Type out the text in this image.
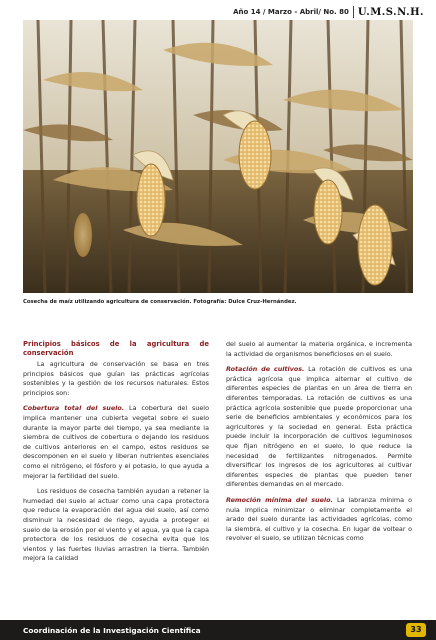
Año 14 / Marzo - Abril/ No. 80 U.M.S.N.H.
Cosecha de maíz utilizando agricultura de conservación. Fotografía: Dulce Cruz-Hernández.
Principios básicos de la agricultura de conservación

La agricultura de conservación se basa en tres principios básicos que guían las prácticas agrícolas sostenibles y la gestión de los recursos naturales. Estos principios son:

Cobertura total del suelo. La cobertura del suelo implica mantener una cubierta vegetal sobre el suelo durante la mayor parte del tiempo, ya sea mediante la siembra de cultivos de cobertura o dejando los residuos de cultivos anteriores en el campo, estos residuos se descomponen en el suelo y liberan nutrientes esenciales como el nitrógeno, el fósforo y el potasio, lo que ayuda a mejorar la fertilidad del suelo.

Los residuos de cosecha también ayudan a retener la humedad del suelo al actuar como una capa protectora que reduce la evaporación del agua del suelo, así como disminuir la necesidad de riego, ayuda a proteger el suelo de la erosión por el viento y el agua, ya que la capa protectora de los residuos de cosecha evita que los vientos y las fuertes lluvias arrastren la tierra. También mejora la calidad

del suelo al aumentar la materia orgánica, e incrementa la actividad de organismos beneficiosos en el suelo.

Rotación de cultivos. La rotación de cultivos es una práctica agrícola que implica alternar el cultivo de diferentes especies de plantas en un área de tierra en diferentes temporadas. La rotación de cultivos es una práctica agrícola sostenible que puede proporcionar una serie de beneficios ambientales y económicos para los agricultores y la sociedad en general. Esta práctica puede incluir la incorporación de cultivos leguminosos que fijan nitrógeno en el suelo, lo que reduce la necesidad de fertilizantes nitrogenados. Permite diversificar los ingresos de los agricultores al cultivar diferentes especies de plantas que pueden tener diferentes demandas en el mercado.

Remoción mínima del suelo. La labranza mínima o nula implica minimizar o eliminar completamente el arado del suelo durante las actividades agrícolas, como la siembra, el cultivo y la cosecha. En lugar de voltear o revolver el suelo, se utilizan técnicas como

Coordinación de la Investigación Científica	33
